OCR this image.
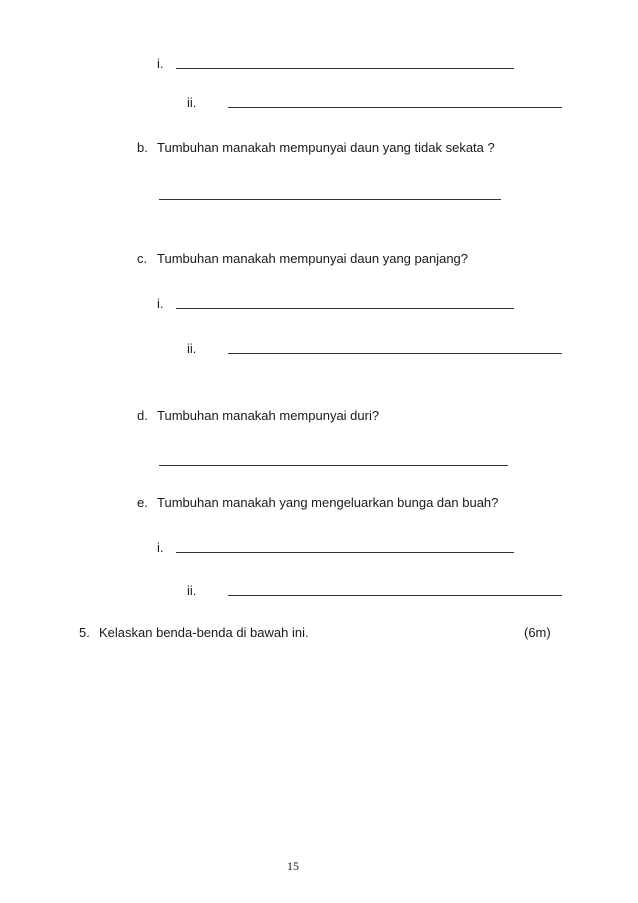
i.
ii.
b. Tumbuhan manakah mempunyai daun yang tidak sekata ?
c. Tumbuhan manakah mempunyai daun yang panjang?
i.
ii.
d. Tumbuhan manakah mempunyai duri?
e. Tumbuhan manakah yang mengeluarkan bunga dan buah?
i.
ii.
5. Kelaskan benda-benda di bawah ini.	(6m)
15
